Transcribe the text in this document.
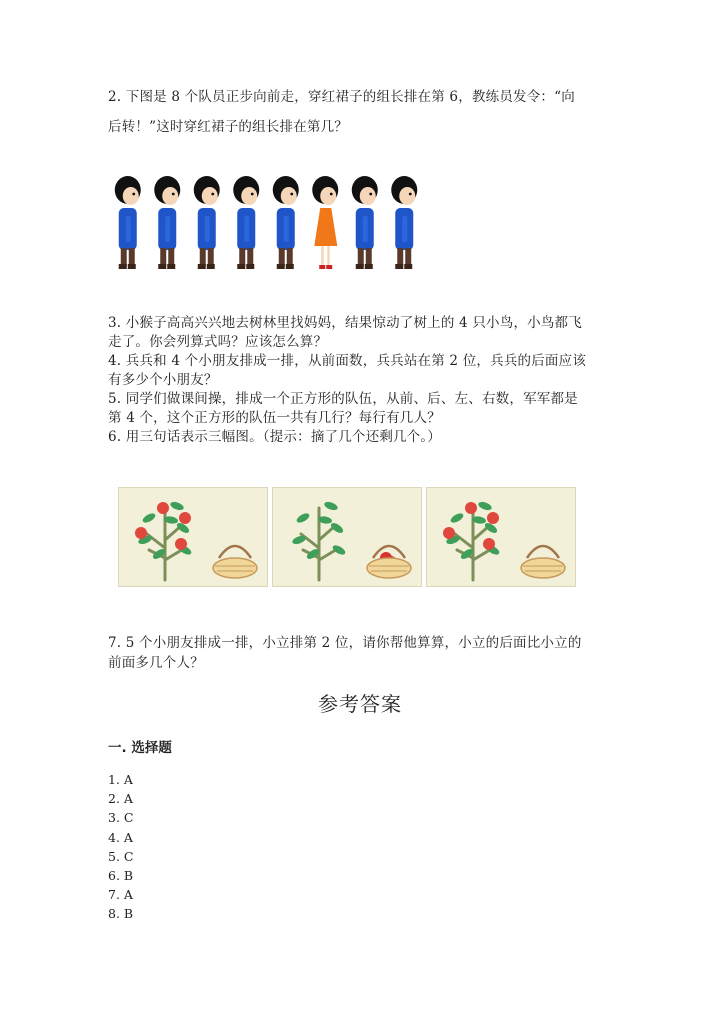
2. 下图是 8 个队员正步向前走，穿红裙子的组长排在第 6，教练员发令：“向
后转！”这时穿红裙子的组长排在第几？
3. 小猴子高高兴兴地去树林里找妈妈，结果惊动了树上的 4 只小鸟，小鸟都飞
走了。你会列算式吗？应该怎么算？
4. 兵兵和 4 个小朋友排成一排，从前面数，兵兵站在第 2 位，兵兵的后面应该
有多少个小朋友？
5. 同学们做课间操，排成一个正方形的队伍，从前、后、左、右数，军军都是
第 4 个，这个正方形的队伍一共有几行？每行有几人？
6. 用三句话表示三幅图。（提示：摘了几个还剩几个。）
7. 5 个小朋友排成一排，小立排第 2 位，请你帮他算算，小立的后面比小立的
前面多几个人？
参考答案
一. 选择题
1. A
2. A
3. C
4. A
5. C
6. B
7. A
8. B
